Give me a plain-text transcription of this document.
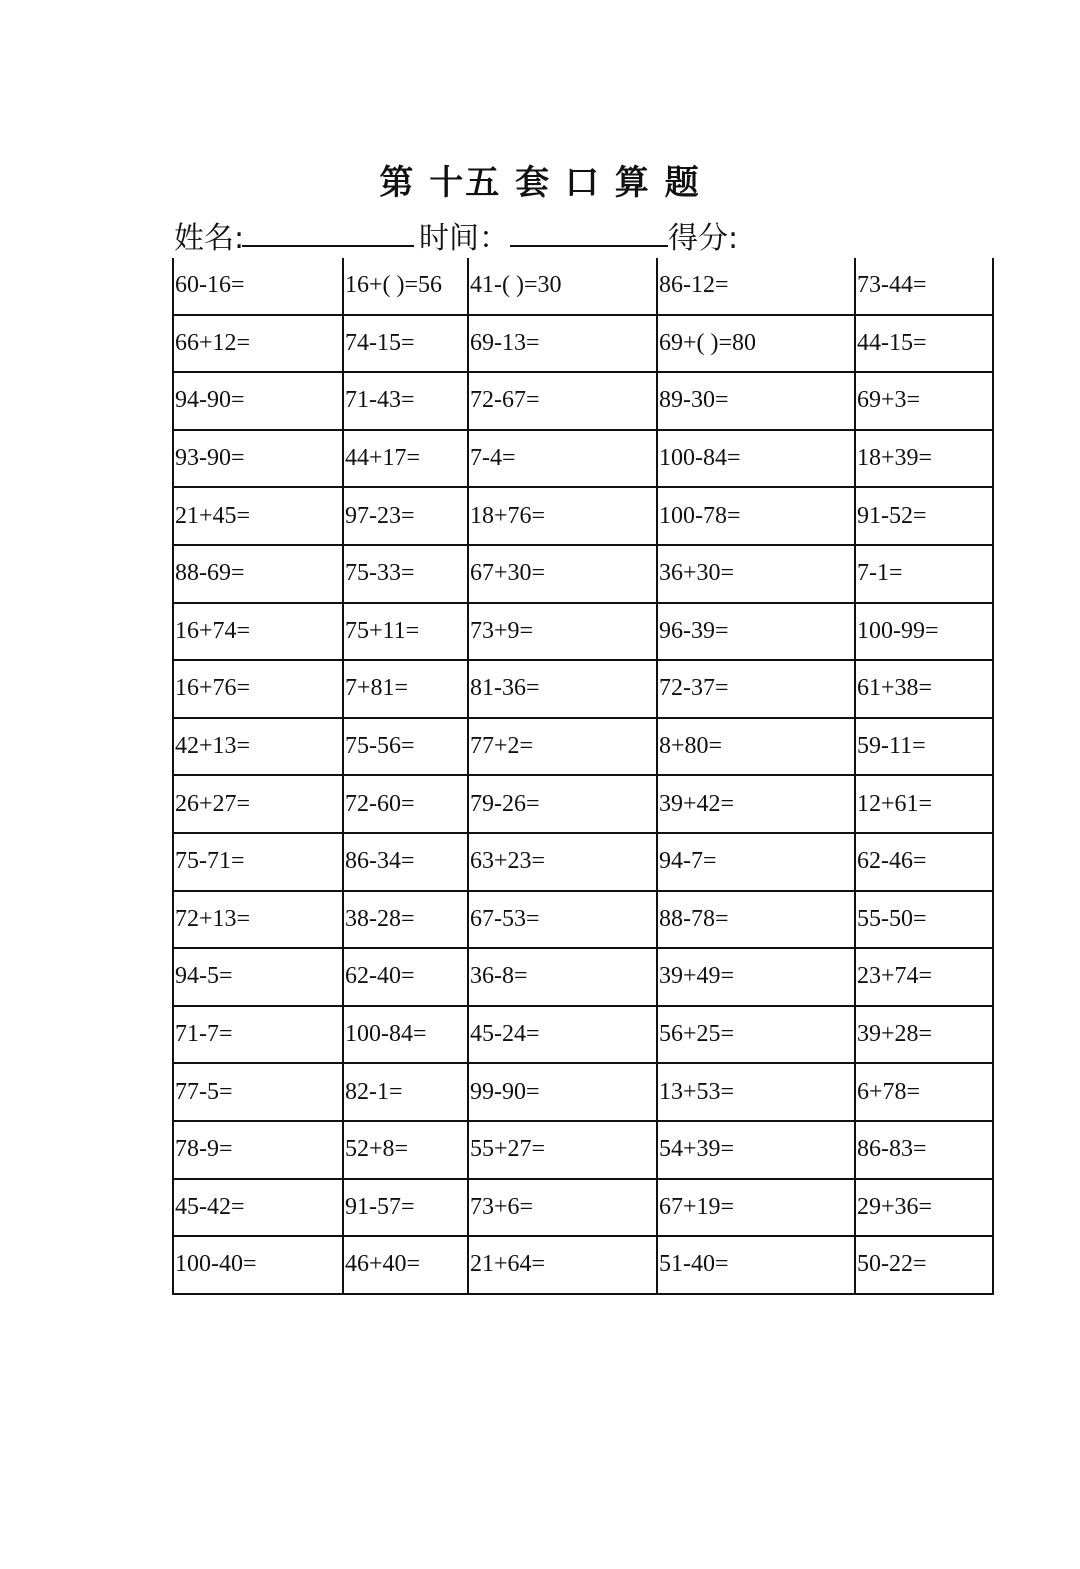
第 十五 套 口 算 题
姓名:	时间：	得分:
60-16=	16+( )=56	41-( )=30	86-12=	73-44=
66+12=	74-15=	69-13=	69+( )=80	44-15=
94-90=	71-43=	72-67=	89-30=	69+3=
93-90=	44+17=	7-4=	100-84=	18+39=
21+45=	97-23=	18+76=	100-78=	91-52=
88-69=	75-33=	67+30=	36+30=	7-1=
16+74=	75+11=	73+9=	96-39=	100-99=
16+76=	7+81=	81-36=	72-37=	61+38=
42+13=	75-56=	77+2=	8+80=	59-11=
26+27=	72-60=	79-26=	39+42=	12+61=
75-71=	86-34=	63+23=	94-7=	62-46=
72+13=	38-28=	67-53=	88-78=	55-50=
94-5=	62-40=	36-8=	39+49=	23+74=
71-7=	100-84=	45-24=	56+25=	39+28=
77-5=	82-1=	99-90=	13+53=	6+78=
78-9=	52+8=	55+27=	54+39=	86-83=
45-42=	91-57=	73+6=	67+19=	29+36=
100-40=	46+40=	21+64=	51-40=	50-22=
